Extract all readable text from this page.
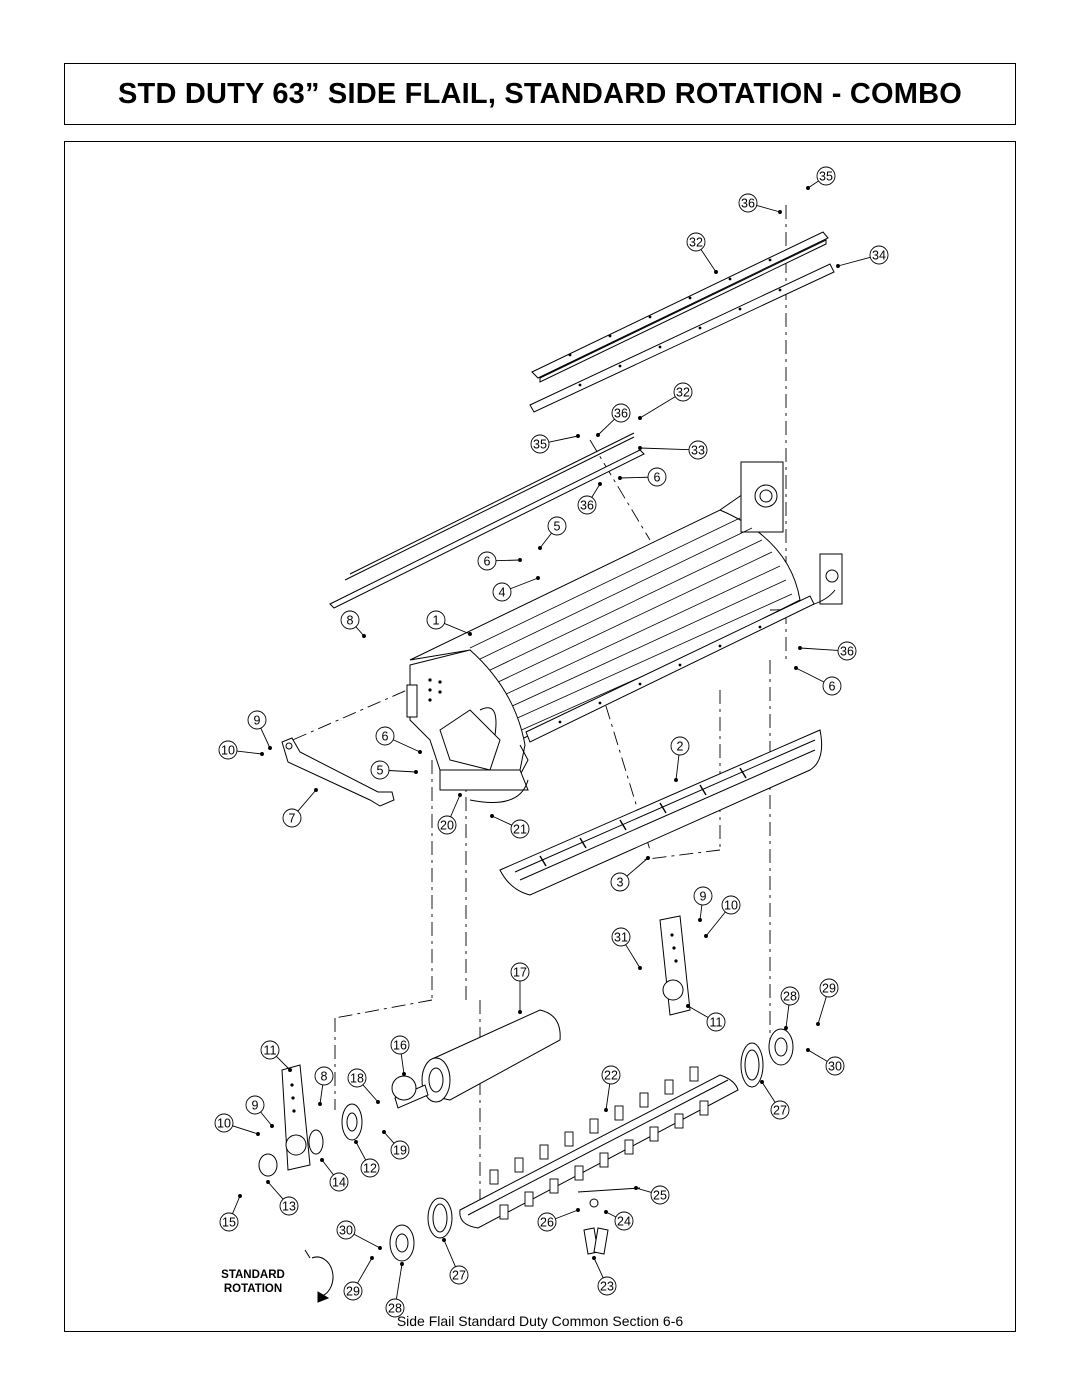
STD DUTY 63” SIDE FLAIL, STANDARD ROTATION - COMBO
35
36
32
34
32
36
35	33
6
36
5
6
4
8	1
36
6
9
10
6
5
2
7	20	21
3
9
10
31
17
28
29
11
11	16
30
8 18	22
9
10
27
19
12
14
13
25
15
30
26	24
27
23
29
28
STANDARD
ROTATION
Side Flail Standard Duty Common Section 6-6
